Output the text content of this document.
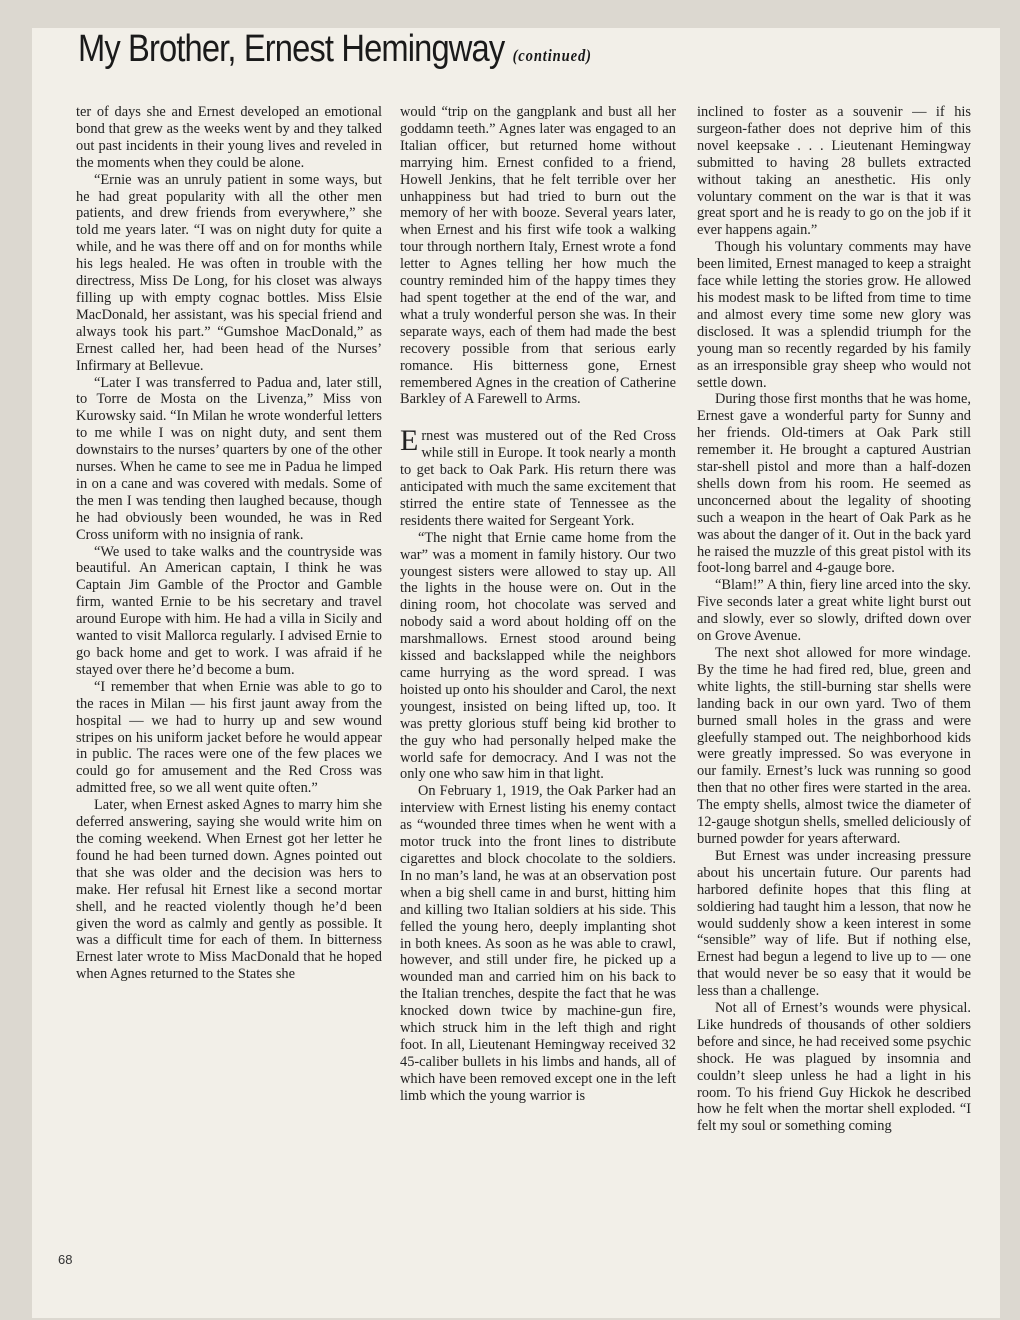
My Brother, Ernest Hemingway (continued)

ter of days she and Ernest developed an emotional bond that grew as the weeks went by and they talked out past incidents in their young lives and reveled in the moments when they could be alone.

“Ernie was an unruly patient in some ways, but he had great popularity with all the other men patients, and drew friends from everywhere,” she told me years later. “I was on night duty for quite a while, and he was there off and on for months while his legs healed. He was often in trouble with the directress, Miss De Long, for his closet was always filling up with empty cognac bottles. Miss Elsie MacDonald, her assistant, was his special friend and always took his part.” “Gumshoe MacDonald,” as Ernest called her, had been head of the Nurses’ Infirmary at Bellevue.

“Later I was transferred to Padua and, later still, to Torre de Mosta on the Livenza,” Miss von Kurowsky said. “In Milan he wrote wonderful letters to me while I was on night duty, and sent them downstairs to the nurses’ quarters by one of the other nurses. When he came to see me in Padua he limped in on a cane and was covered with medals. Some of the men I was tending then laughed because, though he had obviously been wounded, he was in Red Cross uniform with no insignia of rank.

“We used to take walks and the countryside was beautiful. An American captain, I think he was Captain Jim Gamble of the Proctor and Gamble firm, wanted Ernie to be his secretary and travel around Europe with him. He had a villa in Sicily and wanted to visit Mallorca regularly. I advised Ernie to go back home and get to work. I was afraid if he stayed over there he’d become a bum.

“I remember that when Ernie was able to go to the races in Milan — his first jaunt away from the hospital — we had to hurry up and sew wound stripes on his uniform jacket before he would appear in public. The races were one of the few places we could go for amusement and the Red Cross was admitted free, so we all went quite often.”

Later, when Ernest asked Agnes to marry him she deferred answering, saying she would write him on the coming weekend. When Ernest got her letter he found he had been turned down. Agnes pointed out that she was older and the decision was hers to make. Her refusal hit Ernest like a second mortar shell, and he reacted violently though he’d been given the word as calmly and gently as possible. It was a difficult time for each of them. In bitterness Ernest later wrote to Miss MacDonald that he hoped when Agnes returned to the States she

would “trip on the gangplank and bust all her goddamn teeth.” Agnes later was engaged to an Italian officer, but returned home without marrying him. Ernest confided to a friend, Howell Jenkins, that he felt terrible over her unhappiness but had tried to burn out the memory of her with booze. Several years later, when Ernest and his first wife took a walking tour through northern Italy, Ernest wrote a fond letter to Agnes telling her how much the country reminded him of the happy times they had spent together at the end of the war, and what a truly wonderful person she was. In their separate ways, each of them had made the best recovery possible from that serious early romance. His bitterness gone, Ernest remembered Agnes in the creation of Catherine Barkley of A Farewell to Arms.

Ernest was mustered out of the Red Cross while still in Europe. It took nearly a month to get back to Oak Park. His return there was anticipated with much the same excitement that stirred the entire state of Tennessee as the residents there waited for Sergeant York.

“The night that Ernie came home from the war” was a moment in family history. Our two youngest sisters were allowed to stay up. All the lights in the house were on. Out in the dining room, hot chocolate was served and nobody said a word about holding off on the marshmallows. Ernest stood around being kissed and backslapped while the neighbors came hurrying as the word spread. I was hoisted up onto his shoulder and Carol, the next youngest, insisted on being lifted up, too. It was pretty glorious stuff being kid brother to the guy who had personally helped make the world safe for democracy. And I was not the only one who saw him in that light.

On February 1, 1919, the Oak Parker had an interview with Ernest listing his enemy contact as “wounded three times when he went with a motor truck into the front lines to distribute cigarettes and block chocolate to the soldiers. In no man’s land, he was at an observation post when a big shell came in and burst, hitting him and killing two Italian soldiers at his side. This felled the young hero, deeply implanting shot in both knees. As soon as he was able to crawl, however, and still under fire, he picked up a wounded man and carried him on his back to the Italian trenches, despite the fact that he was knocked down twice by machine-gun fire, which struck him in the left thigh and right foot. In all, Lieutenant Hemingway received 32 45-caliber bullets in his limbs and hands, all of which have been removed except one in the left limb which the young warrior is

inclined to foster as a souvenir — if his surgeon-father does not deprive him of this novel keepsake . . . Lieutenant Hemingway submitted to having 28 bullets extracted without taking an anesthetic. His only voluntary comment on the war is that it was great sport and he is ready to go on the job if it ever happens again.”

Though his voluntary comments may have been limited, Ernest managed to keep a straight face while letting the stories grow. He allowed his modest mask to be lifted from time to time and almost every time some new glory was disclosed. It was a splendid triumph for the young man so recently regarded by his family as an irresponsible gray sheep who would not settle down.

During those first months that he was home, Ernest gave a wonderful party for Sunny and her friends. Old-timers at Oak Park still remember it. He brought a captured Austrian star-shell pistol and more than a half-dozen shells down from his room. He seemed as unconcerned about the legality of shooting such a weapon in the heart of Oak Park as he was about the danger of it. Out in the back yard he raised the muzzle of this great pistol with its foot-long barrel and 4-gauge bore.

“Blam!” A thin, fiery line arced into the sky. Five seconds later a great white light burst out and slowly, ever so slowly, drifted down over on Grove Avenue.

The next shot allowed for more windage. By the time he had fired red, blue, green and white lights, the still-burning star shells were landing back in our own yard. Two of them burned small holes in the grass and were gleefully stamped out. The neighborhood kids were greatly impressed. So was everyone in our family. Ernest’s luck was running so good then that no other fires were started in the area. The empty shells, almost twice the diameter of 12-gauge shotgun shells, smelled deliciously of burned powder for years afterward.

But Ernest was under increasing pressure about his uncertain future. Our parents had harbored definite hopes that this fling at soldiering had taught him a lesson, that now he would suddenly show a keen interest in some “sensible” way of life. But if nothing else, Ernest had begun a legend to live up to — one that would never be so easy that it would be less than a challenge.

Not all of Ernest’s wounds were physical. Like hundreds of thousands of other soldiers before and since, he had received some psychic shock. He was plagued by insomnia and couldn’t sleep unless he had a light in his room. To his friend Guy Hickok he described how he felt when the mortar shell exploded. “I felt my soul or something coming

68
